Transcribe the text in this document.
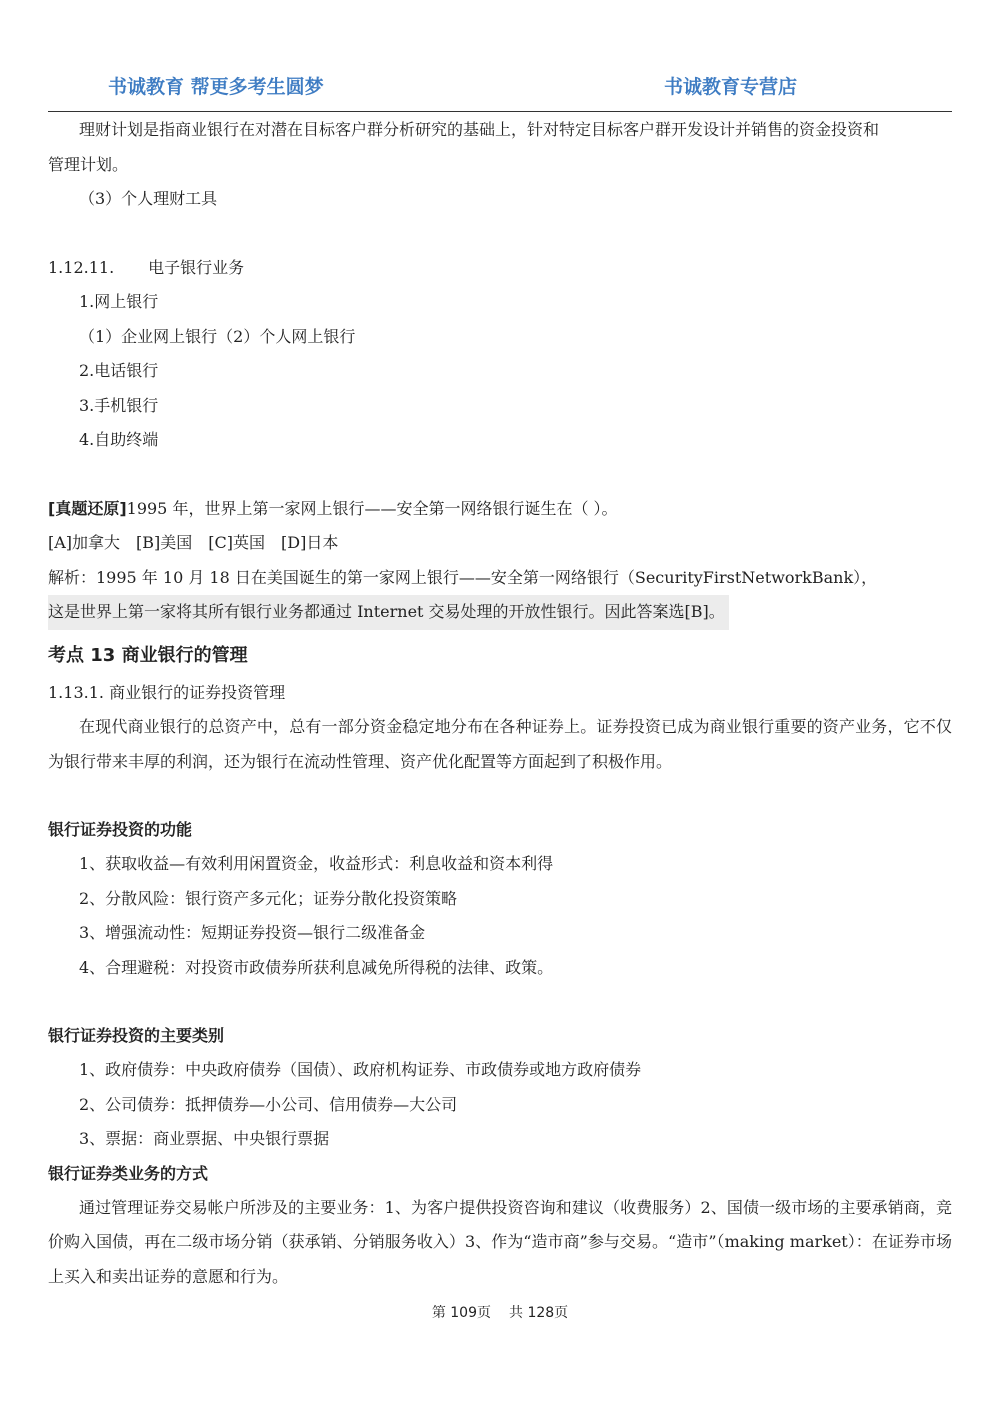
书诚教育 帮更多考生圆梦	书诚教育专营店

理财计划是指商业银行在对潜在目标客户群分析研究的基础上，针对特定目标客户群开发设计并销售的资金投资和

管理计划。

（3）个人理财工具

1.12.11. 电子银行业务

1.网上银行

（1）企业网上银行（2）个人网上银行

2.电话银行

3.手机银行

4.自助终端

[真题还原]1995 年，世界上第一家网上银行——安全第一网络银行诞生在（ ）。

[A]加拿大 [B]美国 [C]英国 [D]日本

解析：1995 年 10 月 18 日在美国诞生的第一家网上银行——安全第一网络银行（SecurityFirstNetworkBank），

这是世界上第一家将其所有银行业务都通过 Internet 交易处理的开放性银行。因此答案选[B]。

考点 13 商业银行的管理

1.13.1. 商业银行的证券投资管理

在现代商业银行的总资产中，总有一部分资金稳定地分布在各种证券上。证券投资已成为商业银行重要的资产业务，它不仅为银行带来丰厚的利润，还为银行在流动性管理、资产优化配置等方面起到了积极作用。

银行证券投资的功能

1、获取收益—有效利用闲置资金，收益形式：利息收益和资本利得

2、分散风险：银行资产多元化；证券分散化投资策略

3、增强流动性：短期证券投资—银行二级准备金

4、合理避税：对投资市政债券所获利息减免所得税的法律、政策。

银行证券投资的主要类别

1、政府债券：中央政府债券（国债）、政府机构证券、市政债券或地方政府债券

2、公司债券：抵押债券—小公司、信用债券—大公司

3、票据：商业票据、中央银行票据

银行证券类业务的方式

通过管理证券交易帐户所涉及的主要业务：1、为客户提供投资咨询和建议（收费服务）2、国债一级市场的主要承销商，竞价购入国债，再在二级市场分销（获承销、分销服务收入）3、作为“造市商”参与交易。“造市”（making market）：在证券市场上买入和卖出证券的意愿和行为。

第 109页 共 128页
